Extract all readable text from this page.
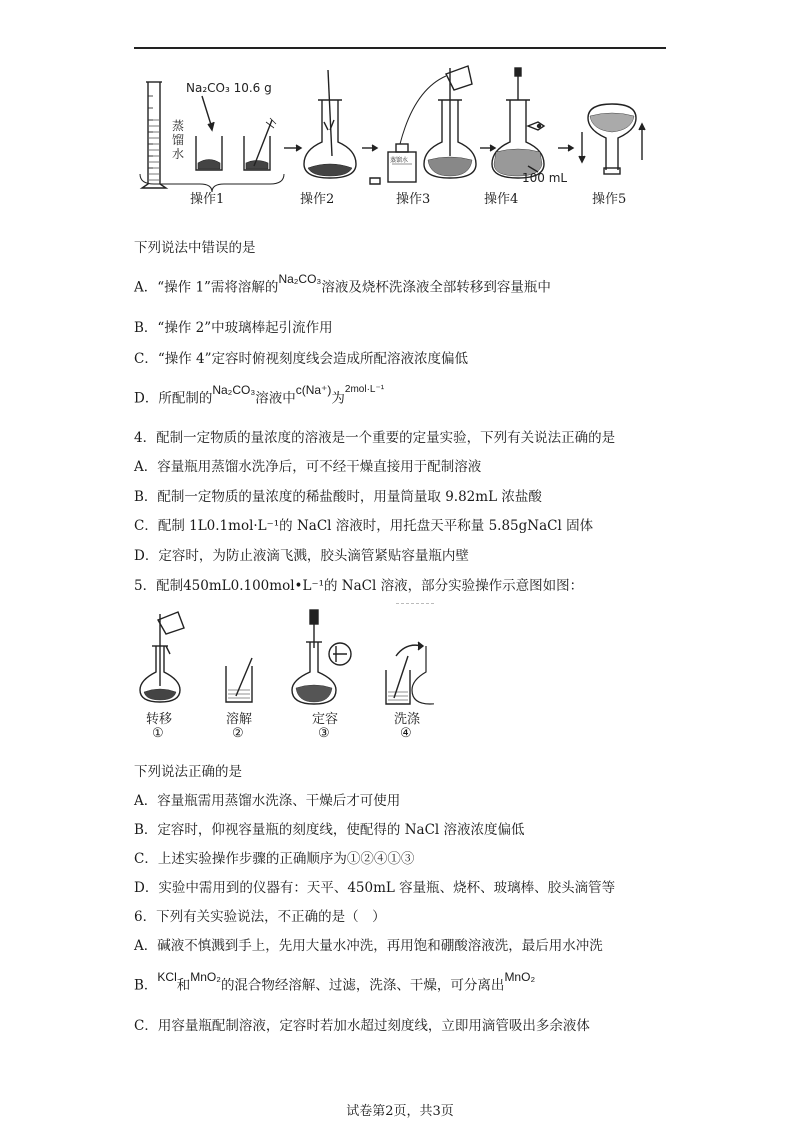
Na₂CO₃ 10.6 g
蒸
馏
水	蒸馏水
100 mL
操作1	操作2	操作3	操作4	操作5
下列说法中错误的是
A．“操作 1”需将溶解的Na₂CO₃溶液及烧杯洗涤液全部转移到容量瓶中
B．“操作 2”中玻璃棒起引流作用
C．“操作 4”定容时俯视刻度线会造成所配溶液浓度偏低
D．所配制的Na₂CO₃溶液中c(Na⁺)为2mol·L⁻¹
4．配制一定物质的量浓度的溶液是一个重要的定量实验，下列有关说法正确的是
A．容量瓶用蒸馏水洗净后，可不经干燥直接用于配制溶液
B．配制一定物质的量浓度的稀盐酸时，用量筒量取 9.82mL 浓盐酸
C．配制 1L0.1mol·L⁻¹的 NaCl 溶液时，用托盘天平称量 5.85gNaCl 固体
D．定容时，为防止液滴飞溅，胶头滴管紧贴容量瓶内壁
5．配制450mL0.100mol•L⁻¹的 NaCl 溶液，部分实验操作示意图如图：
转移	溶解	定容	洗涤
①	②	③	④
下列说法正确的是
A．容量瓶需用蒸馏水洗涤、干燥后才可使用
B．定容时，仰视容量瓶的刻度线，使配得的 NaCl 溶液浓度偏低
C．上述实验操作步骤的正确顺序为①②④①③
D．实验中需用到的仪器有：天平、450mL 容量瓶、烧杯、玻璃棒、胶头滴管等
6．下列有关实验说法，不正确的是（　）
A．碱液不慎溅到手上，先用大量水冲洗，再用饱和硼酸溶液洗，最后用水冲洗
B．KCl和MnO₂的混合物经溶解、过滤，洗涤、干燥，可分离出MnO₂
C．用容量瓶配制溶液，定容时若加水超过刻度线，立即用滴管吸出多余液体
试卷第2页，共3页
